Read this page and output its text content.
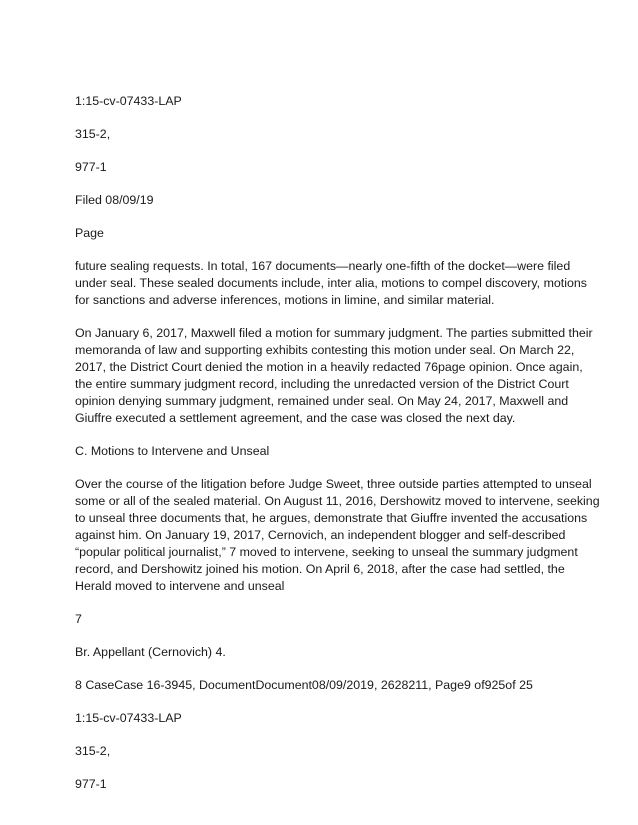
1:15-cv-07433-LAP
315-2,
977-1
Filed 08/09/19
Page
future sealing requests. In total, 167 documents—nearly one-fifth of the docket—were filed
under seal. These sealed documents include, inter alia, motions to compel discovery, motions
for sanctions and adverse inferences, motions in limine, and similar material.
On January 6, 2017, Maxwell filed a motion for summary judgment. The parties submitted their
memoranda of law and supporting exhibits contesting this motion under seal. On March 22,
2017, the District Court denied the motion in a heavily redacted 76page opinion. Once again,
the entire summary judgment record, including the unredacted version of the District Court
opinion denying summary judgment, remained under seal. On May 24, 2017, Maxwell and
Giuffre executed a settlement agreement, and the case was closed the next day.
C. Motions to Intervene and Unseal
Over the course of the litigation before Judge Sweet, three outside parties attempted to unseal
some or all of the sealed material. On August 11, 2016, Dershowitz moved to intervene, seeking
to unseal three documents that, he argues, demonstrate that Giuffre invented the accusations
against him. On January 19, 2017, Cernovich, an independent blogger and self-described
“popular political journalist,” 7 moved to intervene, seeking to unseal the summary judgment
record, and Dershowitz joined his motion. On April 6, 2018, after the case had settled, the
Herald moved to intervene and unseal
7
Br. Appellant (Cernovich) 4.
8 CaseCase 16-3945, DocumentDocument08/09/2019, 2628211, Page9 of925of 25
1:15-cv-07433-LAP
315-2,
977-1
